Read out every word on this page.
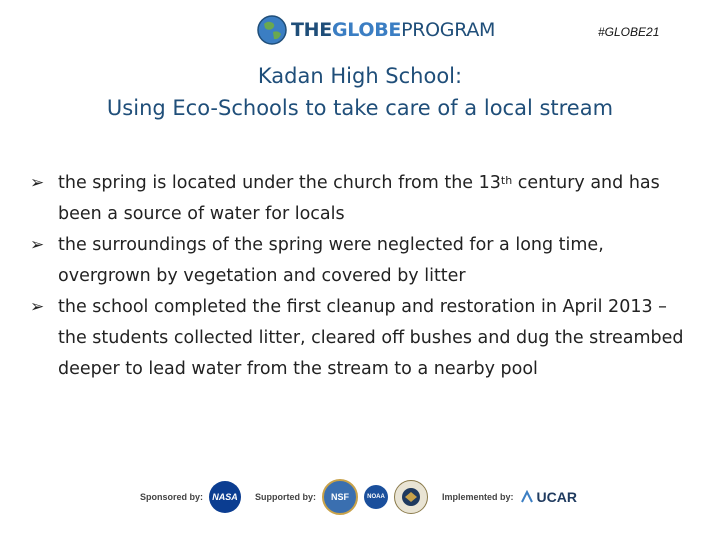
THEGLOBEPROGRAM	#GLOBE21
Kadan High School:
Using Eco-Schools to take care of a local stream
➢ the spring is located under the church from the 13th century and has been a source of water for locals
➢ the surroundings of the spring were neglected for a long time, overgrown by vegetation and covered by litter
➢ the school completed the first cleanup and restoration in April 2013 – the students collected litter, cleared off bushes and dug the streambed deeper to lead water from the stream to a nearby pool
Sponsored by: NASA Supported by: NSF	NOAA	Implemented by: UCAR
